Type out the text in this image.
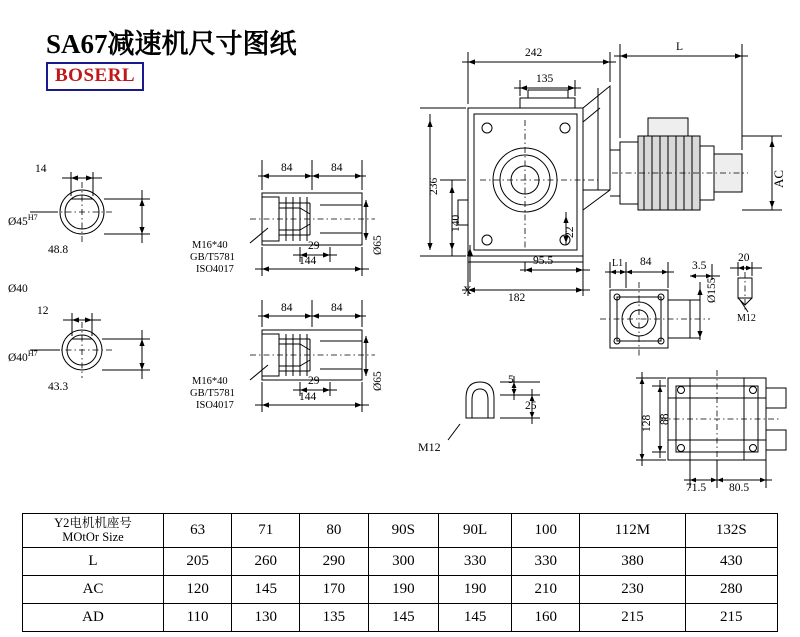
SA67减速机尺寸图纸
BOSERL
242	L
135
236
140
22
X
95.5
182
AC
Ø155
L1 84	3.5
20
M12
84	84
29
144
Ø65
M16*40
GB/T5781
ISO4017
84	84
29
144
Ø65
M16*40
GB/T5781
ISO4017
14
48.8
$Ø45^{H7}$
Ø40
12
43.3
$Ø40^{H7}$
5
25
M12
128 88
71.5 80.5
Y2电机机座号
MOtOr Size	63	71	80	90S	90L	100	112M	132S
L	205	260	290	300	330	330	380	430
AC	120	145	170	190	190	210	230	280
AD	110	130	135	145	145	160	215	215
